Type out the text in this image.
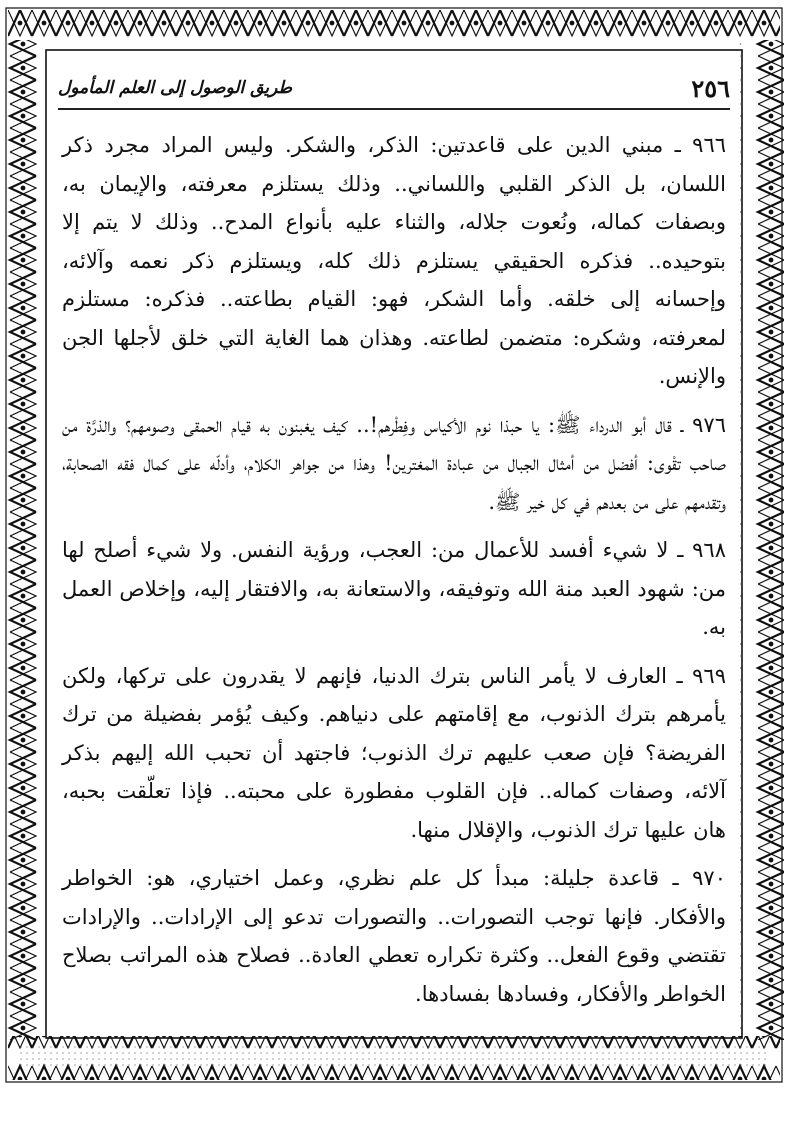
٢٥٦
طريق الوصول إلى العلم المأمول

٩٦٦ ـ مبني الدين على قاعدتين: الذكر، والشكر. وليس المراد مجرد ذكر اللسان، بل الذكر القلبي واللساني.. وذلك يستلزم معرفته، والإيمان به، وبصفات كماله، ونُعوت جلاله، والثناء عليه بأنواع المدح.. وذلك لا يتم إلا بتوحيده.. فذكره الحقيقي يستلزم ذلك كله، ويستلزم ذكر نعمه وآلائه، وإحسانه إلى خلقه. وأما الشكر، فهو: القيام بطاعته.. فذكره: مستلزم لمعرفته، وشكره: متضمن لطاعته. وهذان هما الغاية التي خلق لأجلها الجن والإنس.

٩٧٦ ـ قال أبو الدرداء ﷺ: يا حبذا نوم الأكياس وفِطْرهم!.. كيف يغبنون به قيام الحمقى وصومهم؟ والذرَّة من صاحب تقْوى: أفضل من أمثال الجبال من عبادة المغترين! وهذا من جواهر الكلام، وأدلّه على كمال فقه الصحابة، وتقدمهم على من بعدهم في كل خير ﷺ.

٩٦٨ ـ لا شيء أفسد للأعمال من: العجب، ورؤية النفس. ولا شيء أصلح لها من: شهود العبد منة الله وتوفيقه، والاستعانة به، والافتقار إليه، وإخلاص العمل به.

٩٦٩ ـ العارف لا يأمر الناس بترك الدنيا، فإنهم لا يقدرون على تركها، ولكن يأمرهم بترك الذنوب، مع إقامتهم على دنياهم. وكيف يُؤمر بفضيلة من ترك الفريضة؟ فإن صعب عليهم ترك الذنوب؛ فاجتهد أن تحبب الله إليهم بذكر آلائه، وصفات كماله.. فإن القلوب مفطورة على محبته.. فإذا تعلّقت بحبه، هان عليها ترك الذنوب، والإقلال منها.

٩٧٠ ـ قاعدة جليلة: مبدأ كل علم نظري، وعمل اختياري، هو: الخواطر والأفكار. فإنها توجب التصورات.. والتصورات تدعو إلى الإرادات.. والإرادات تقتضي وقوع الفعل.. وكثرة تكراره تعطي العادة.. فصلاح هذه المراتب بصلاح الخواطر والأفكار، وفسادها بفسادها.
